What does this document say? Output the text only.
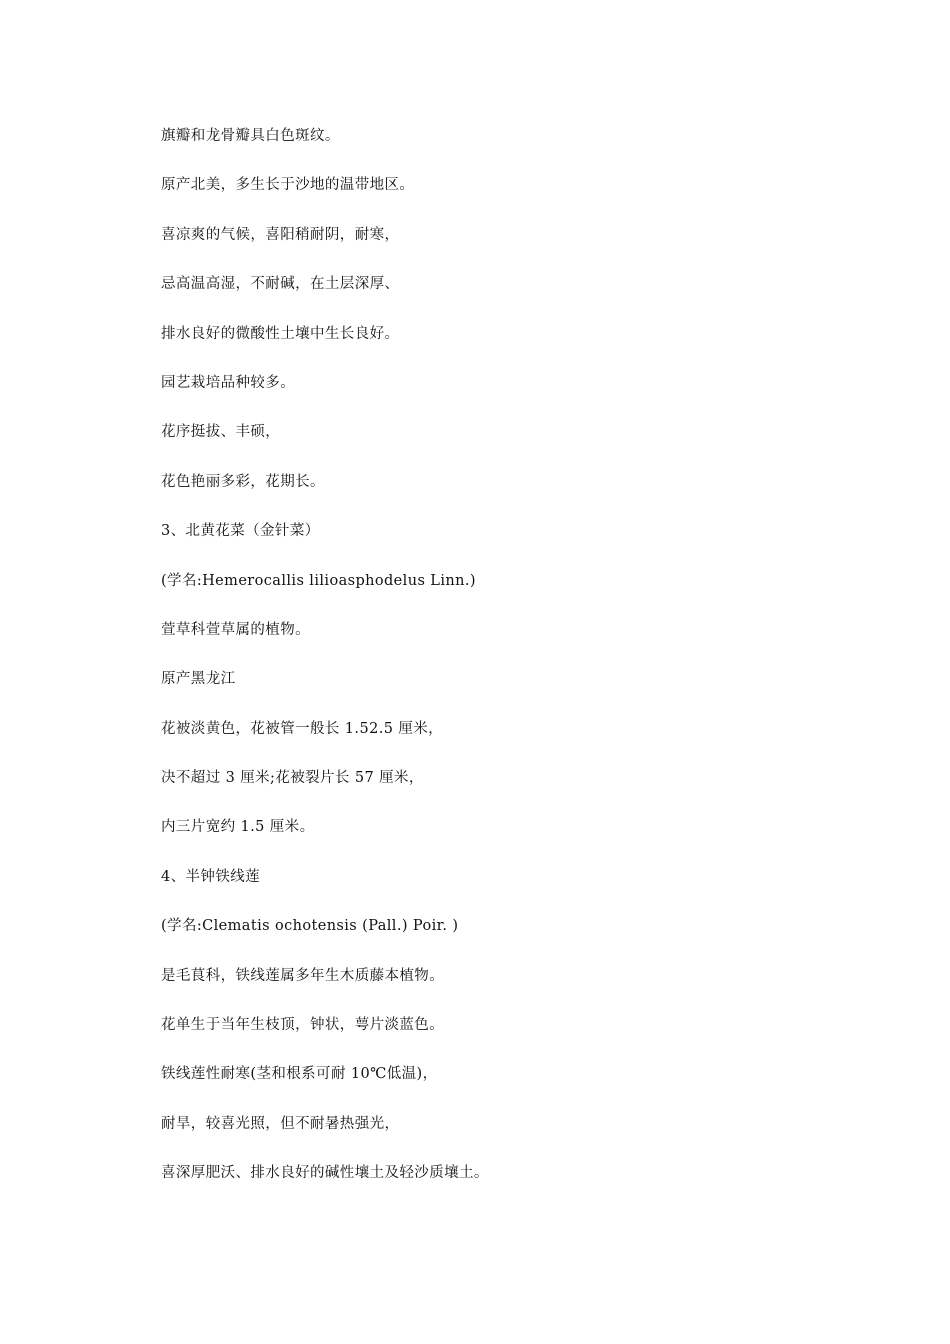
旗瓣和龙骨瓣具白色斑纹。

原产北美，多生长于沙地的温带地区。

喜凉爽的气候，喜阳稍耐阴，耐寒，

忌高温高湿，不耐碱，在土层深厚、

排水良好的微酸性土壤中生长良好。

园艺栽培品种较多。

花序挺拔、丰硕，

花色艳丽多彩，花期长。

3、北黄花菜（金针菜）

(学名:Hemerocallis lilioasphodelus Linn.)

萱草科萱草属的植物。

原产黑龙江

花被淡黄色，花被管一般长 1.52.5 厘米，

决不超过 3 厘米;花被裂片长 57 厘米，

内三片宽约 1.5 厘米。

4、半钟铁线莲

(学名:Clematis ochotensis (Pall.) Poir. )

是毛茛科，铁线莲属多年生木质藤本植物。

花单生于当年生枝顶，钟状，萼片淡蓝色。

铁线莲性耐寒(茎和根系可耐 10℃低温)，

耐旱，较喜光照，但不耐暑热强光，

喜深厚肥沃、排水良好的碱性壤土及轻沙质壤土。
